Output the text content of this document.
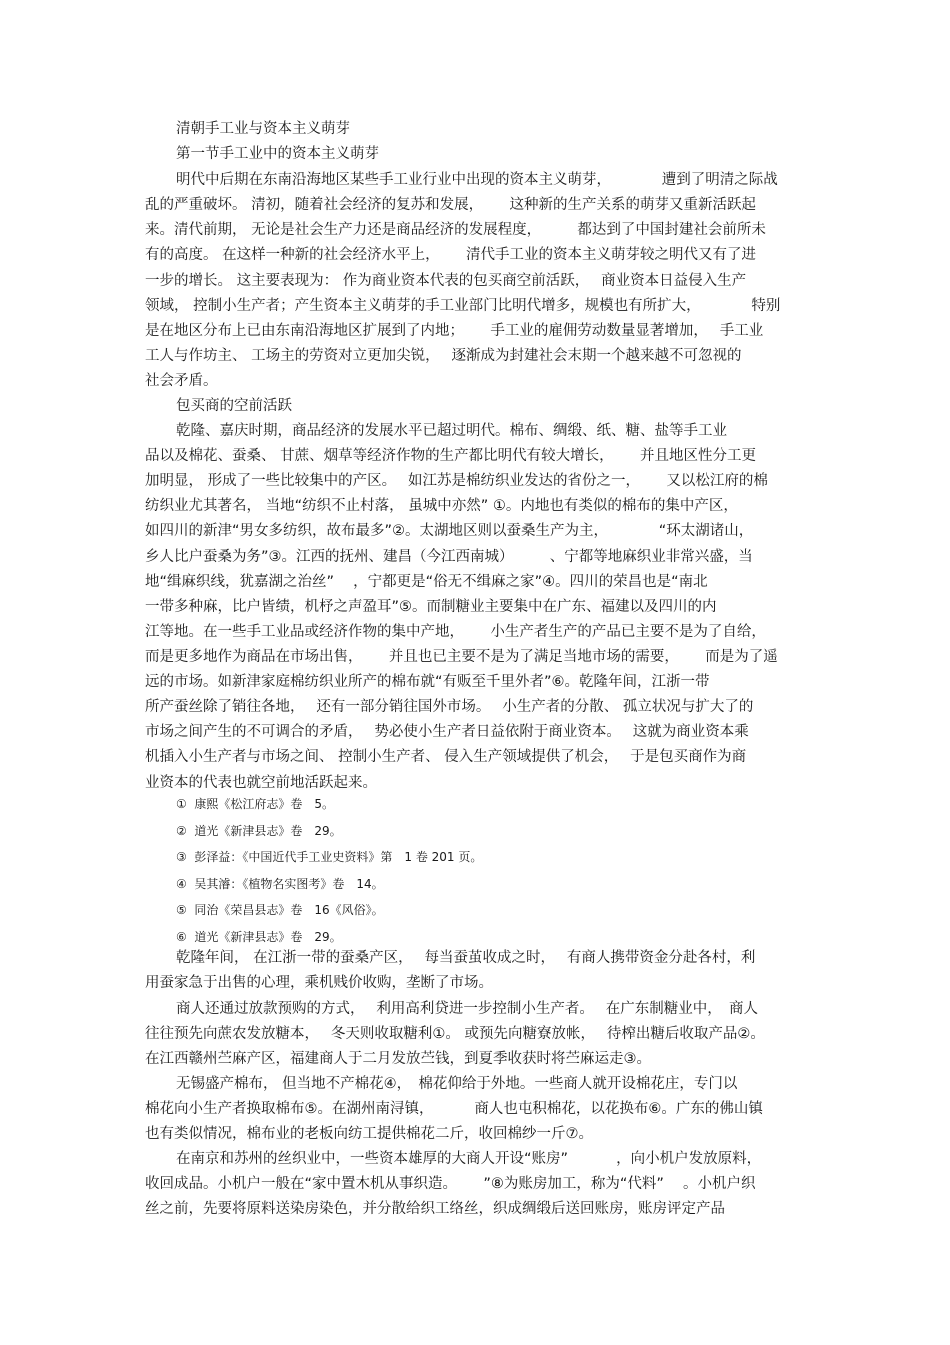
清朝手工业与资本主义萌芽
第一节手工业中的资本主义萌芽
明代中后期在东南沿海地区某些手工业行业中出现的资本主义萌芽，　　　　遭到了明清之际战
乱的严重破坏。 清初，随着社会经济的复苏和发展，　　 这种新的生产关系的萌芽又重新活跃起
来。清代前期， 无论是社会生产力还是商品经济的发展程度，　　　都达到了中国封建社会前所未
有的高度。 在这样一种新的社会经济水平上，　　 清代手工业的资本主义萌芽较之明代又有了进
一步的增长。 这主要表现为： 作为商业资本代表的包买商空前活跃，　 商业资本日益侵入生产
领域， 控制小生产者；产生资本主义萌芽的手工业部门比明代增多，规模也有所扩大，　　　　特别
是在地区分布上已由东南沿海地区扩展到了内地；　　 手工业的雇佣劳动数量显著增加，　 手工业
工人与作坊主、 工场主的劳资对立更加尖锐，　 逐渐成为封建社会末期一个越来越不可忽视的
社会矛盾。
包买商的空前活跃
乾隆、嘉庆时期，商品经济的发展水平已超过明代。棉布、绸缎、纸、糖、盐等手工业
品以及棉花、蚕桑、 甘蔗、烟草等经济作物的生产都比明代有较大增长，　　 并且地区性分工更
加明显， 形成了一些比较集中的产区。　 如江苏是棉纺织业发达的省份之一，　　 又以松江府的棉
纺织业尤其著名， 当地“纺织不止村落， 虽城中亦然” ①。内地也有类似的棉布的集中产区，
如四川的新津“男女多纺织，故布最多”②。太湖地区则以蚕桑生产为主，　　　　“环太湖诸山，
乡人比户蚕桑为务”③。江西的抚州、建昌（今江西南城）　　　、宁都等地麻织业非常兴盛，当
地“缉麻织线，犹嘉湖之治丝”　 ，宁都更是“俗无不缉麻之家”④。四川的荣昌也是“南北
一带多种麻，比户皆绩，机杼之声盈耳”⑤。而制糖业主要集中在广东、福建以及四川的内
江等地。在一些手工业品或经济作物的集中产地，　　 小生产者生产的产品已主要不是为了自给，
而是更多地作为商品在市场出售，　　 并且也已主要不是为了满足当地市场的需要，　　 而是为了遥
远的市场。如新津家庭棉纺织业所产的棉布就“有贩至千里外者”⑥。乾隆年间，江浙一带
所产蚕丝除了销往各地，　 还有一部分销往国外市场。　 小生产者的分散、 孤立状况与扩大了的
市场之间产生的不可调合的矛盾，　 势必使小生产者日益依附于商业资本。　 这就为商业资本乘
机插入小生产者与市场之间、 控制小生产者、 侵入生产领域提供了机会，　 于是包买商作为商
业资本的代表也就空前地活跃起来。
①  康熙《松江府志》卷　5。
②  道光《新津县志》卷　29。
③  彭泽益：《中国近代手工业史资料》第　1 卷 201 页。
④  吴其濬：《植物名实图考》卷　14。
⑤  同治《荣昌县志》卷　16《风俗》。
⑥  道光《新津县志》卷　29。
乾隆年间， 在江浙一带的蚕桑产区，　 每当蚕茧收成之时，　 有商人携带资金分赴各村，利
用蚕家急于出售的心理，乘机贱价收购，垄断了市场。
商人还通过放款预购的方式，　 利用高利贷进一步控制小生产者。　 在广东制糖业中，　商人
往往预先向蔗农发放糖本，　 冬天则收取糖利①。 或预先向糖寮放帐，　 待榨出糖后收取产品②。
在江西赣州苎麻产区，福建商人于二月发放苎钱，到夏季收获时将苎麻运走③。
无锡盛产棉布， 但当地不产棉花④，　棉花仰给于外地。一些商人就开设棉花庄，专门以
棉花向小生产者换取棉布⑤。在湖州南浔镇，　　　 商人也屯积棉花，以花换布⑥。广东的佛山镇
也有类似情况，棉布业的老板向纺工提供棉花二斤，收回棉纱一斤⑦。
在南京和苏州的丝织业中，一些资本雄厚的大商人开设“账房”　　　 ，向小机户发放原料，
收回成品。小机户一般在“家中置木机从事织造。　　 ”⑧为账房加工，称为“代料”　 。小机户织
丝之前，先要将原料送染房染色，并分散给织工络丝，织成绸缎后送回账房，账房评定产品
